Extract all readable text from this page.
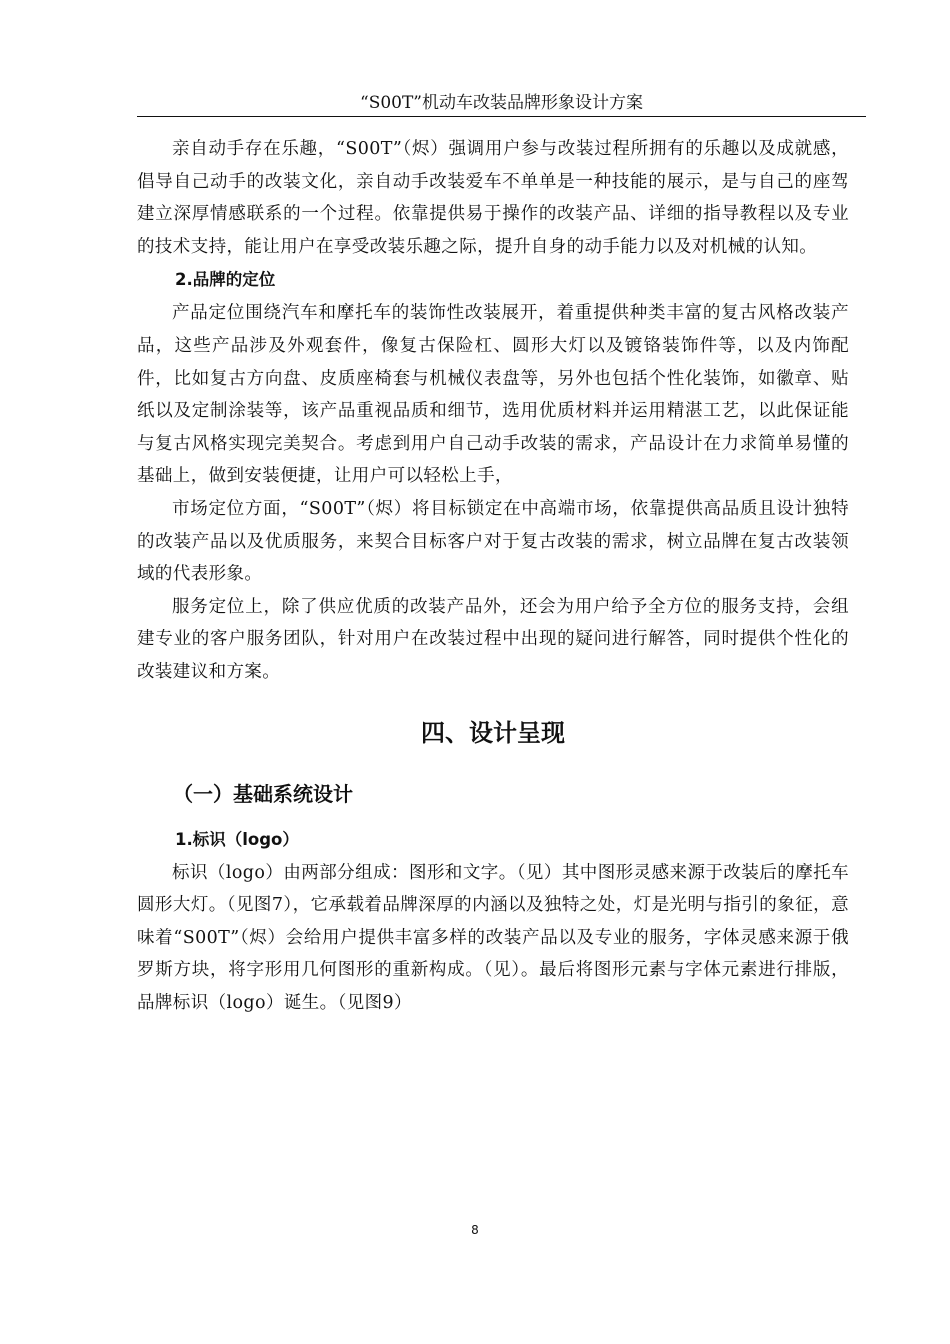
“S00T”机动车改装品牌形象设计方案

亲自动手存在乐趣，“S00T”（烬）强调用户参与改装过程所拥有的乐趣以及成就感，倡导自己动手的改装文化，亲自动手改装爱车不单单是一种技能的展示，是与自己的座驾建立深厚情感联系的一个过程。依靠提供易于操作的改装产品、详细的指导教程以及专业的技术支持，能让用户在享受改装乐趣之际，提升自身的动手能力以及对机械的认知。

2.品牌的定位

产品定位围绕汽车和摩托车的装饰性改装展开，着重提供种类丰富的复古风格改装产品，这些产品涉及外观套件，像复古保险杠、圆形大灯以及镀铬装饰件等，以及内饰配件，比如复古方向盘、皮质座椅套与机械仪表盘等，另外也包括个性化装饰，如徽章、贴纸以及定制涂装等，该产品重视品质和细节，选用优质材料并运用精湛工艺，以此保证能与复古风格实现完美契合。考虑到用户自己动手改装的需求，产品设计在力求简单易懂的基础上，做到安装便捷，让用户可以轻松上手，

市场定位方面，“S00T”（烬）将目标锁定在中高端市场，依靠提供高品质且设计独特的改装产品以及优质服务，来契合目标客户对于复古改装的需求，树立品牌在复古改装领域的代表形象。

服务定位上，除了供应优质的改装产品外，还会为用户给予全方位的服务支持，会组建专业的客户服务团队，针对用户在改装过程中出现的疑问进行解答，同时提供个性化的改装建议和方案。

四、设计呈现
（一）基础系统设计

1.标识（logo）

标识（logo）由两部分组成：图形和文字。（见）其中图形灵感来源于改装后的摩托车圆形大灯。（见图7），它承载着品牌深厚的内涵以及独特之处，灯是光明与指引的象征，意味着“S00T”（烬）会给用户提供丰富多样的改装产品以及专业的服务，字体灵感来源于俄罗斯方块，将字形用几何图形的重新构成。（见）。最后将图形元素与字体元素进行排版，品牌标识（logo）诞生。（见图9）

8
